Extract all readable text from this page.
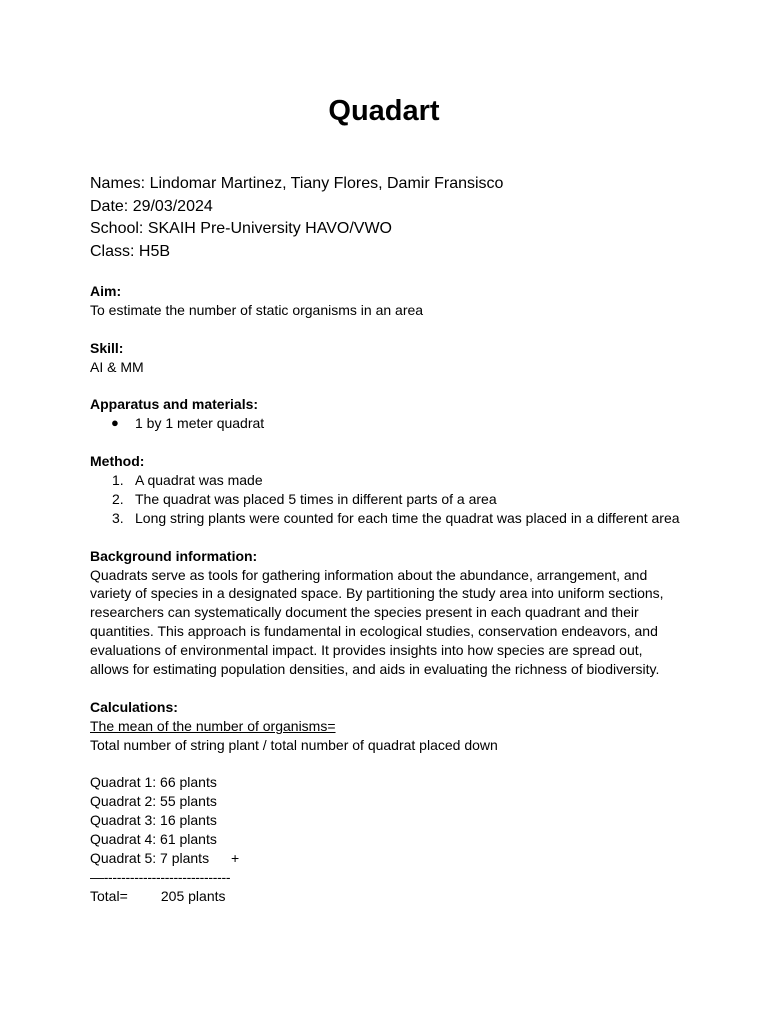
Quadart
Names: Lindomar Martinez, Tiany Flores, Damir Fransisco
Date: 29/03/2024
School: SKAIH Pre-University HAVO/VWO
Class: H5B
Aim:
To estimate the number of static organisms in an area
Skill:
AI & MM
Apparatus and materials:
● 1 by 1 meter quadrat
Method:
1. A quadrat was made
2. The quadrat was placed 5 times in different parts of a area
3. Long string plants were counted for each time the quadrat was placed in a different area
Background information:
Quadrats serve as tools for gathering information about the abundance, arrangement, and variety of species in a designated space. By partitioning the study area into uniform sections, researchers can systematically document the species present in each quadrant and their quantities. This approach is fundamental in ecological studies, conservation endeavors, and evaluations of environmental impact. It provides insights into how species are spread out, allows for estimating population densities, and aids in evaluating the richness of biodiversity.
Calculations:
The mean of the number of organisms=
Total number of string plant / total number of quadrat placed down
Quadrat 1: 66 plants
Quadrat 2: 55 plants
Quadrat 3: 16 plants
Quadrat 4: 61 plants
Quadrat 5: 7 plants +
—-----------------------------
Total= 205 plants
